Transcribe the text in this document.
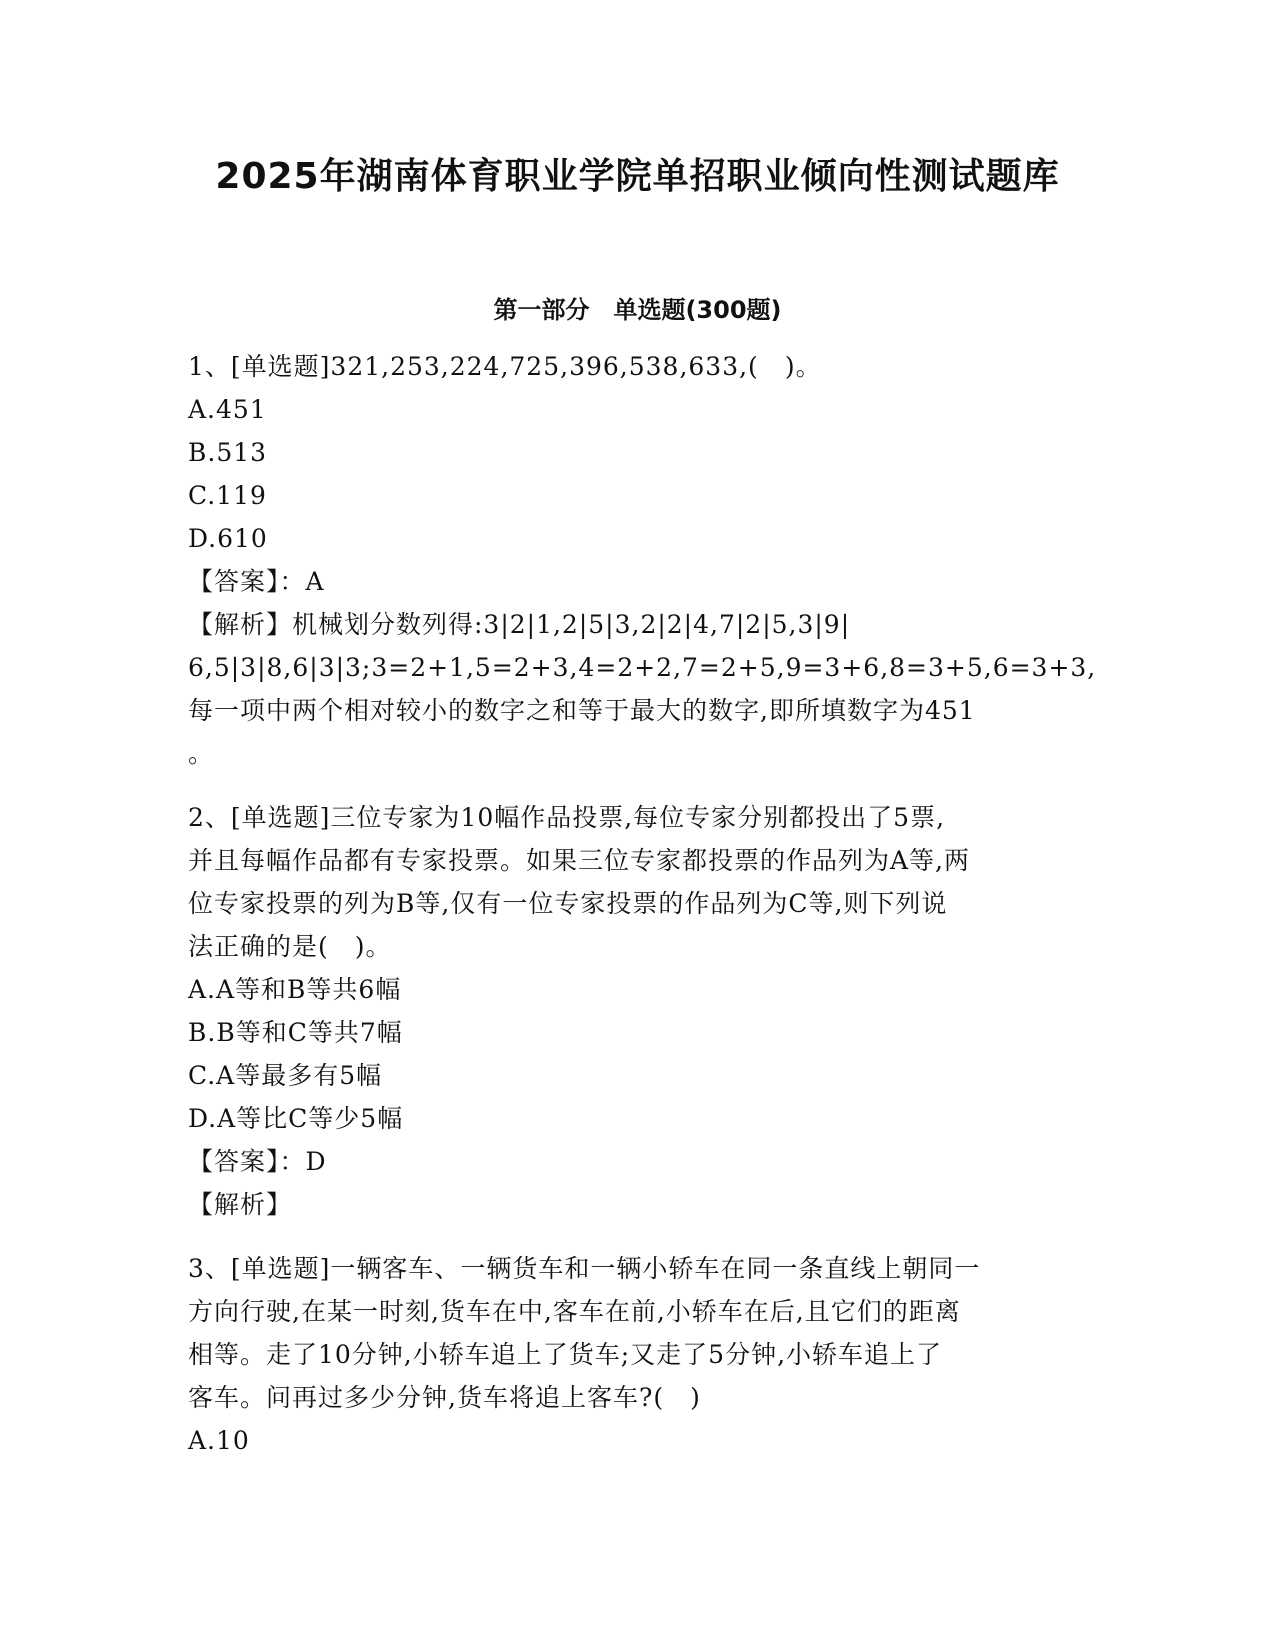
2025年湖南体育职业学院单招职业倾向性测试题库
第一部分　单选题(300题)
1、[单选题]321,253,224,725,396,538,633,(　)。
A.451
B.513
C.119
D.610
【答案】：A
【解析】机械划分数列得:3|2|1,2|5|3,2|2|4,7|2|5,3|9|
6,5|3|8,6|3|3;3=2+1,5=2+3,4=2+2,7=2+5,9=3+6,8=3+5,6=3+3,
每一项中两个相对较小的数字之和等于最大的数字,即所填数字为451
。
2、[单选题]三位专家为10幅作品投票,每位专家分别都投出了5票,
并且每幅作品都有专家投票。如果三位专家都投票的作品列为A等,两
位专家投票的列为B等,仅有一位专家投票的作品列为C等,则下列说
法正确的是(　)。
A.A等和B等共6幅
B.B等和C等共7幅
C.A等最多有5幅
D.A等比C等少5幅
【答案】：D
【解析】
3、[单选题]一辆客车、一辆货车和一辆小轿车在同一条直线上朝同一
方向行驶,在某一时刻,货车在中,客车在前,小轿车在后,且它们的距离
相等。走了10分钟,小轿车追上了货车;又走了5分钟,小轿车追上了
客车。问再过多少分钟,货车将追上客车?(　)
A.10
